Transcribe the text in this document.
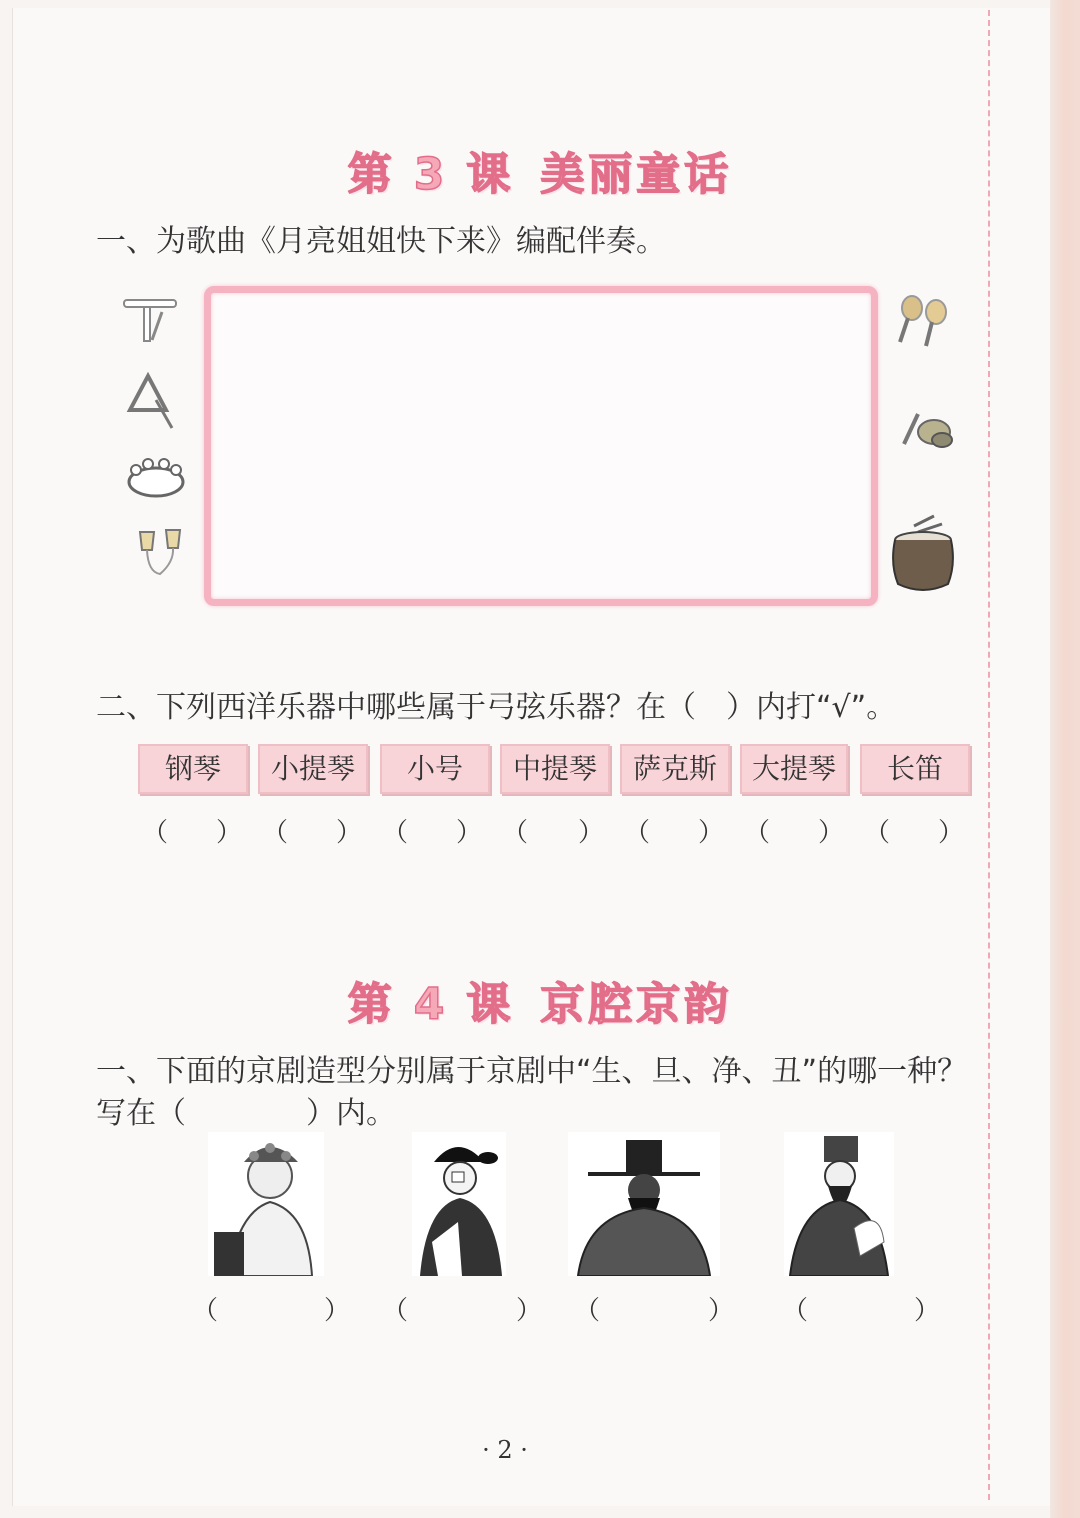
第 3 课 美丽童话
一、为歌曲《月亮姐姐快下来》编配伴奏。
二、下列西洋乐器中哪些属于弓弦乐器？在（　）内打“√”。
钢琴	小提琴	小号	中提琴	萨克斯	大提琴	长笛
（ ） （ ） （ ） （ ） （ ） （ ） （ ）
第 4 课 京腔京韵
一、下面的京剧造型分别属于京剧中“生、旦、净、丑”的哪一种？
写在（　　　　）内。
（	） （	） （	） （	）
· 2 ·
